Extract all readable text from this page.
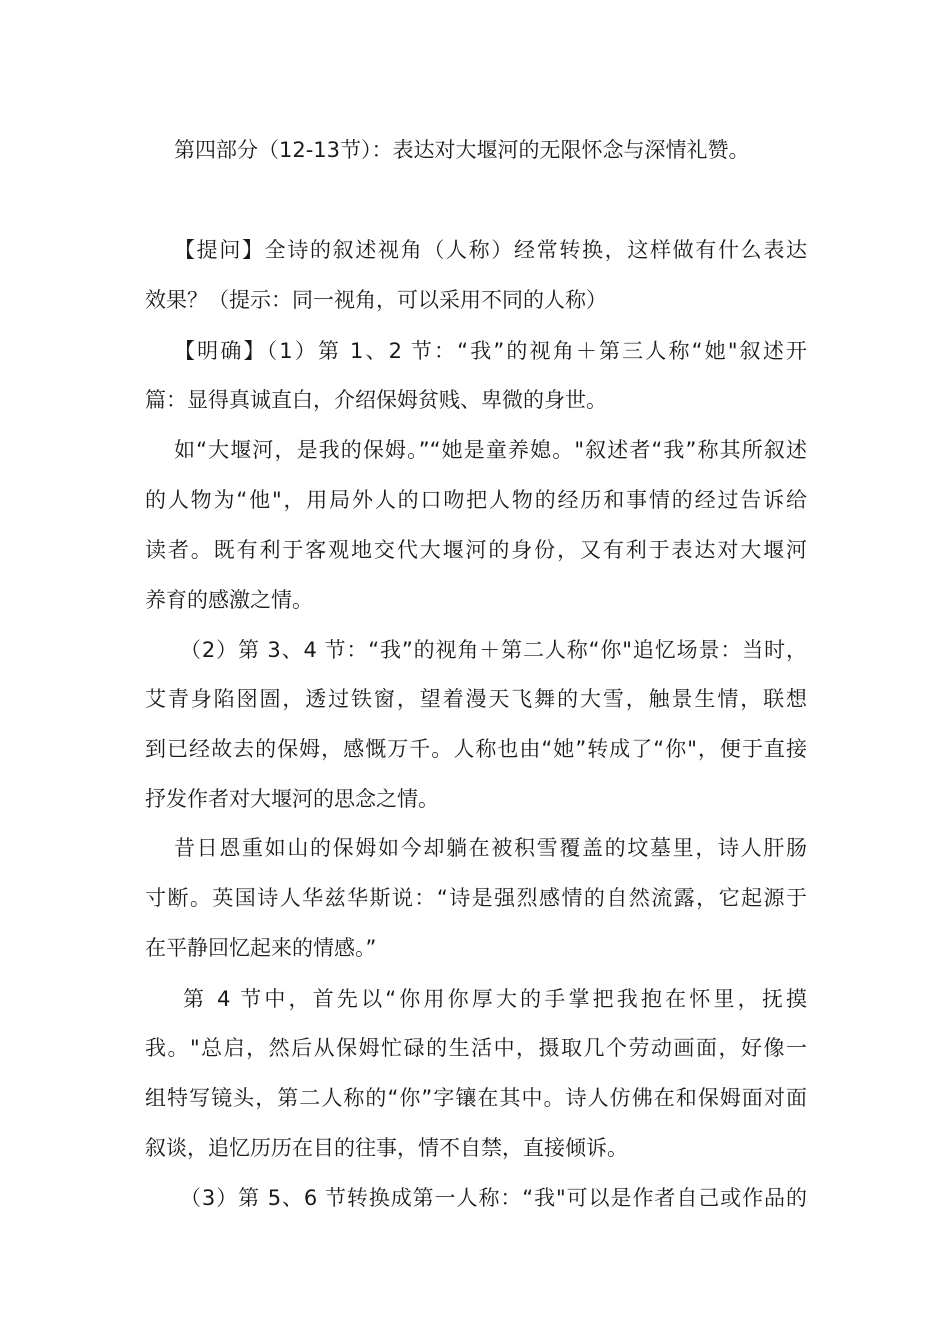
第四部分（12-13节）：表达对大堰河的无限怀念与深情礼赞。
【提问】全诗的叙述视角（人称）经常转换，这样做有什么表达
效果？（提示：同一视角，可以采用不同的人称）
【明确】（1）第 1、2 节：“我”的视角＋第三人称“她"叙述开
篇：显得真诚直白，介绍保姆贫贱、卑微的身世。
如“大堰河，是我的保姆。”“她是童养媳。"叙述者“我”称其所叙述
的人物为“他"，用局外人的口吻把人物的经历和事情的经过告诉给
读者。既有利于客观地交代大堰河的身份，又有利于表达对大堰河
养育的感激之情。
（2）第 3、4 节：“我”的视角＋第二人称“你"追忆场景：当时，
艾青身陷囹圄，透过铁窗，望着漫天飞舞的大雪，触景生情，联想
到已经故去的保姆，感慨万千。人称也由“她”转成了“你"，便于直接
抒发作者对大堰河的思念之情。
昔日恩重如山的保姆如今却躺在被积雪覆盖的坟墓里，诗人肝肠
寸断。英国诗人华兹华斯说：“诗是强烈感情的自然流露，它起源于
在平静回忆起来的情感。”
第 4 节中，首先以“你用你厚大的手掌把我抱在怀里，抚摸
我。"总启，然后从保姆忙碌的生活中，摄取几个劳动画面，好像一
组特写镜头，第二人称的“你”字镶在其中。诗人仿佛在和保姆面对面
叙谈，追忆历历在目的往事，情不自禁，直接倾诉。
（3）第 5、6 节转换成第一人称：“我"可以是作者自己或作品的
